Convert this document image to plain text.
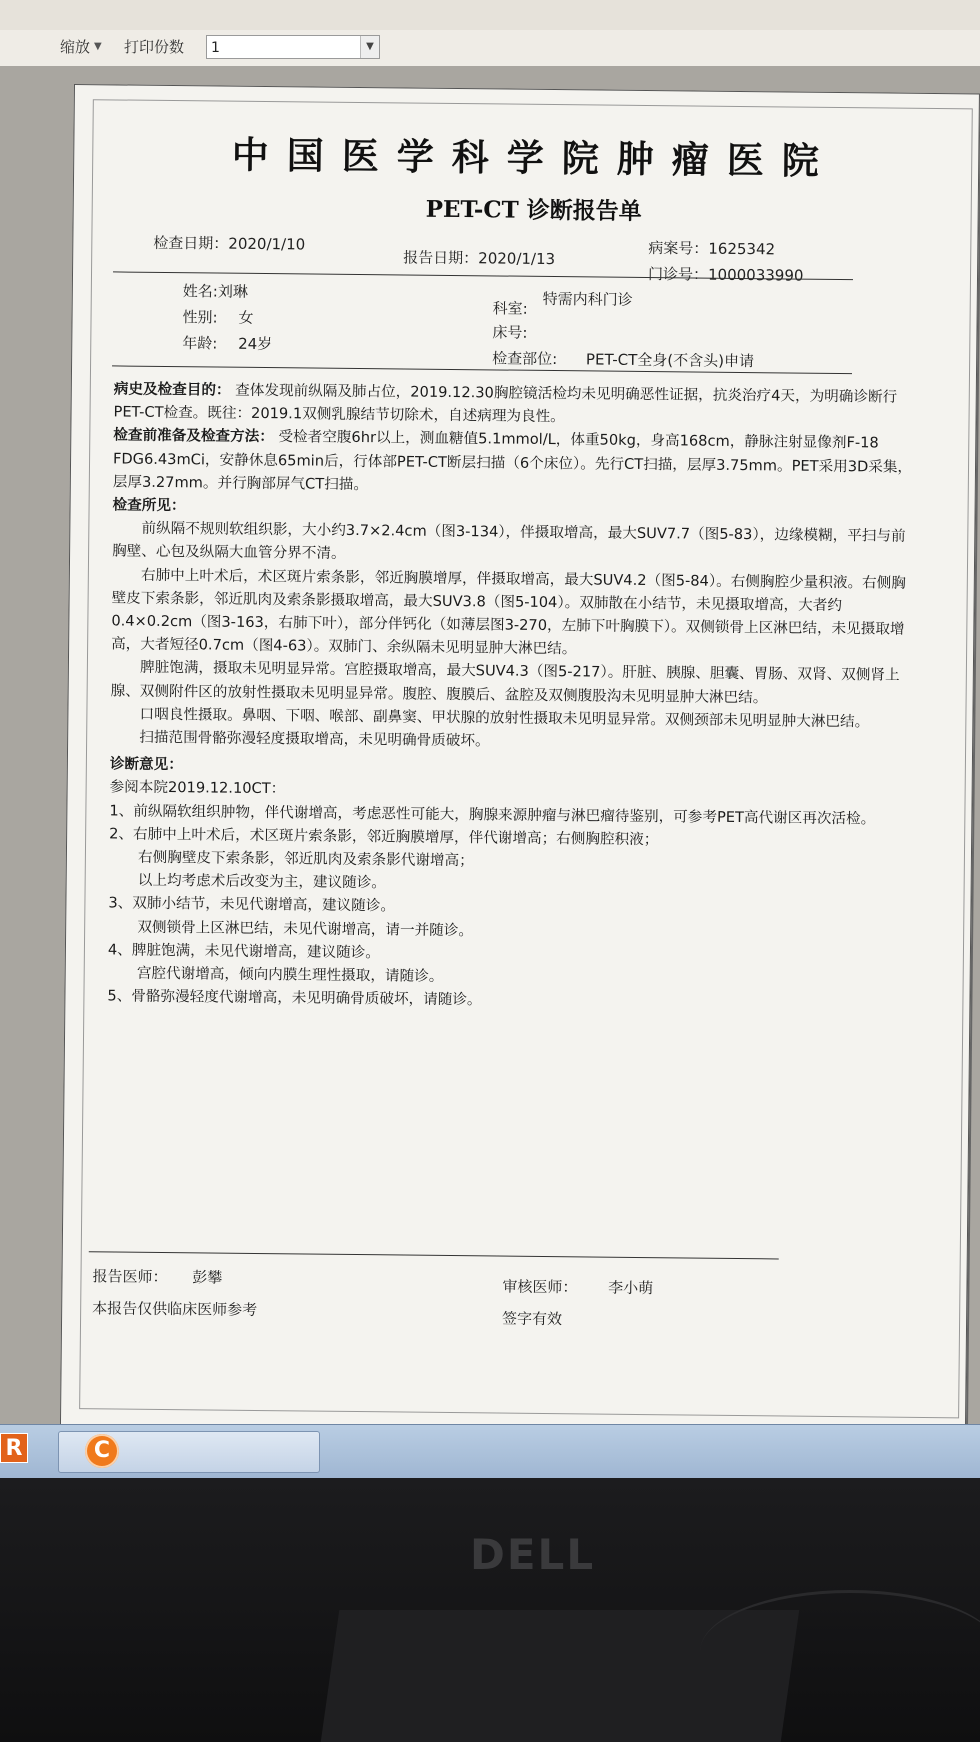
缩放 ▼ 打印份数	1	▼
中国医学科学院肿瘤医院
PET-CT 诊断报告单
检查日期：2020/1/10
报告日期：2020/1/13	病案号：1625342
门诊号：1000033990
姓名:刘琳
性别: 女
年龄: 24岁
科室: 特需内科门诊
床号:
检查部位: PET-CT全身(不含头)申请

病史及检查目的： 查体发现前纵隔及肺占位，2019.12.30胸腔镜活检均未见明确恶性证据，抗炎治疗4天，为明确诊断行PET-CT检查。既往：2019.1双侧乳腺结节切除术，自述病理为良性。

检查前准备及检查方法： 受检者空腹6hr以上，测血糖值5.1mmol/L，体重50kg，身高168cm，静脉注射显像剂F-18 FDG6.43mCi，安静休息65min后，行体部PET-CT断层扫描（6个床位）。先行CT扫描，层厚3.75mm。PET采用3D采集，层厚3.27mm。并行胸部屏气CT扫描。

检查所见：

前纵隔不规则软组织影，大小约3.7×2.4cm（图3-134），伴摄取增高，最大SUV7.7（图5-83），边缘模糊，平扫与前胸壁、心包及纵隔大血管分界不清。

右肺中上叶术后，术区斑片索条影，邻近胸膜增厚，伴摄取增高，最大SUV4.2（图5-84）。右侧胸腔少量积液。右侧胸壁皮下索条影，邻近肌肉及索条影摄取增高，最大SUV3.8（图5-104）。双肺散在小结节，未见摄取增高，大者约0.4×0.2cm（图3-163，右肺下叶），部分伴钙化（如薄层图3-270，左肺下叶胸膜下）。双侧锁骨上区淋巴结，未见摄取增高，大者短径0.7cm（图4-63）。双肺门、余纵隔未见明显肿大淋巴结。

脾脏饱满，摄取未见明显异常。宫腔摄取增高，最大SUV4.3（图5-217）。肝脏、胰腺、胆囊、胃肠、双肾、双侧肾上腺、双侧附件区的放射性摄取未见明显异常。腹腔、腹膜后、盆腔及双侧腹股沟未见明显肿大淋巴结。

口咽良性摄取。鼻咽、下咽、喉部、副鼻窦、甲状腺的放射性摄取未见明显异常。双侧颈部未见明显肿大淋巴结。

扫描范围骨骼弥漫轻度摄取增高，未见明确骨质破坏。

诊断意见：

参阅本院2019.12.10CT：

1、前纵隔软组织肿物，伴代谢增高，考虑恶性可能大，胸腺来源肿瘤与淋巴瘤待鉴别，可参考PET高代谢区再次活检。

2、右肺中上叶术后，术区斑片索条影，邻近胸膜增厚，伴代谢增高；右侧胸腔积液；

右侧胸壁皮下索条影，邻近肌肉及索条影代谢增高；

以上均考虑术后改变为主，建议随诊。

3、双肺小结节，未见代谢增高，建议随诊。

双侧锁骨上区淋巴结，未见代谢增高，请一并随诊。

4、脾脏饱满，未见代谢增高，建议随诊。

宫腔代谢增高，倾向内膜生理性摄取，请随诊。

5、骨骼弥漫轻度代谢增高，未见明确骨质破坏，请随诊。

报告医师： 彭攀
本报告仅供临床医师参考
审核医师： 李小萌
签字有效
R	C
DELL
